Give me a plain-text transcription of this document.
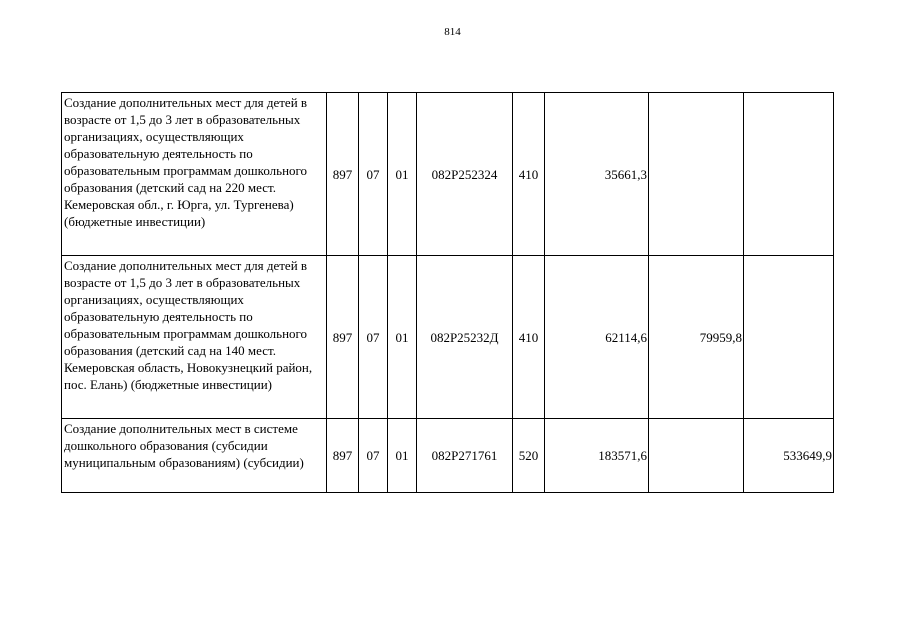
814
Создание дополнительных мест для детей в возрасте от 1,5 до 3 лет в образовательных организациях, осуществляющих образовательную деятельность по образовательным программам дошкольного образования (детский сад на 220 мест. Кемеровская обл., г. Юрга, ул. Тургенева) (бюджетные инвестиции)	897	07	01	082P252324	410	35661,3		
Создание дополнительных мест для детей в возрасте от 1,5 до 3 лет в образовательных организациях, осуществляющих образовательную деятельность по образовательным программам дошкольного образования (детский сад на 140 мест. Кемеровская область, Новокузнецкий район, пос. Елань) (бюджетные инвестиции)	897	07	01	082P25232Д	410	62114,6	79959,8	
Создание дополнительных мест в системе дошкольного образования (субсидии муниципальным образованиям) (субсидии)	897	07	01	082P271761	520	183571,6		533649,9
